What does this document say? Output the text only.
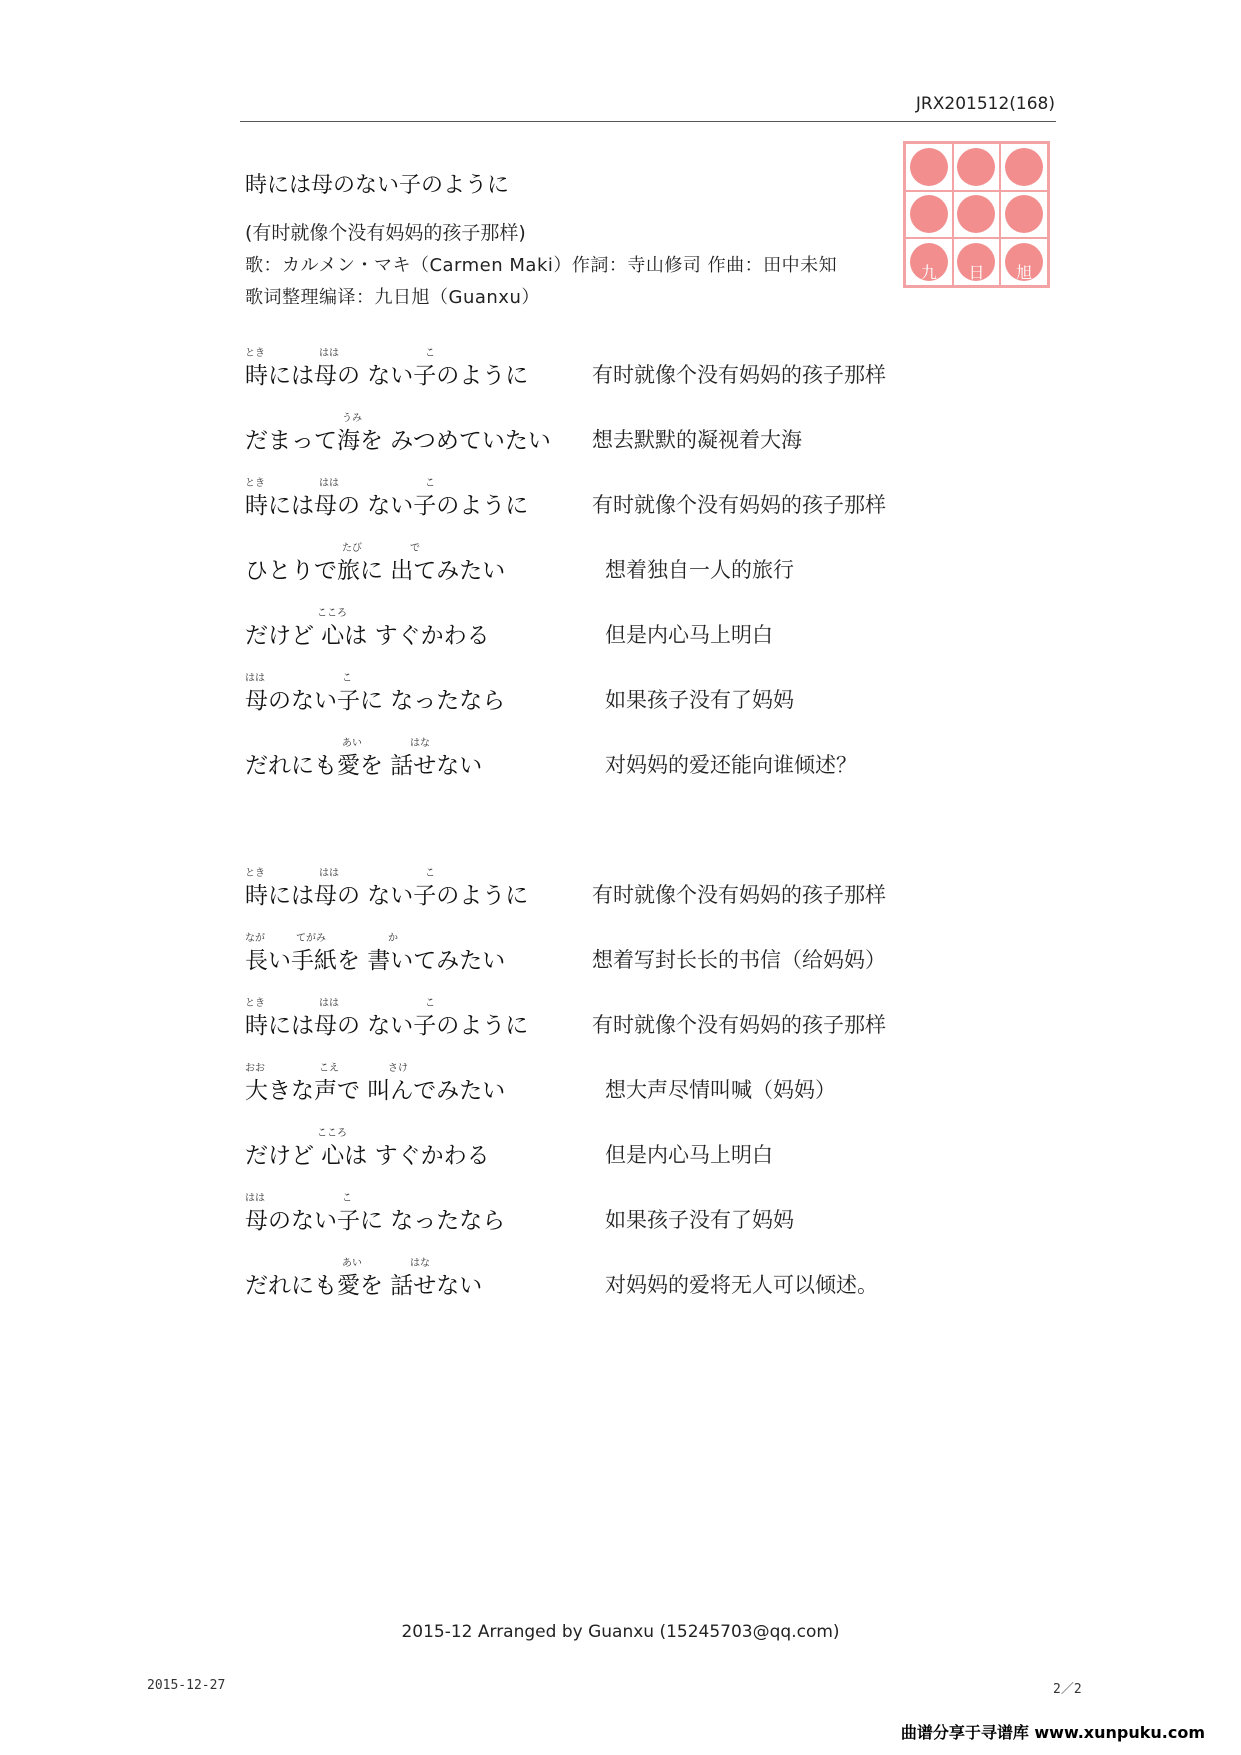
JRX201512(168)
九	日	旭
時には母のない子のように
(有时就像个没有妈妈的孩子那样)
歌：カルメン・マキ（Carmen Maki）作詞：寺山修司 作曲：田中未知
歌词整理编译：九日旭（Guanxu）
時には母の ない子のように	有时就像个没有妈妈的孩子那样
とき	はは	こ
だまって海を みつめていたい 想去默默的凝视着大海
うみ
時には母の ない子のように	有时就像个没有妈妈的孩子那样
とき	はは	こ
ひとりで旅に 出てみたい	想着独自一人的旅行
たび	で
だけど 心は すぐかわる	但是内心马上明白
こころ
母のない子に なったなら	如果孩子没有了妈妈
はは	こ
だれにも愛を 話せない	对妈妈的爱还能向谁倾述？
あい	はな
時には母の ない子のように	有时就像个没有妈妈的孩子那样
とき	はは	こ
長い手紙を 書いてみたい	想着写封长长的书信（给妈妈）
なが	てがみ	か
時には母の ない子のように	有时就像个没有妈妈的孩子那样
とき	はは	こ
大きな声で 叫んでみたい	想大声尽情叫喊（妈妈）
おお	こえ	さけ
だけど 心は すぐかわる	但是内心马上明白
こころ
母のない子に なったなら	如果孩子没有了妈妈
はは	こ
だれにも愛を 話せない	对妈妈的爱将无人可以倾述。
あい	はな
2015-12 Arranged by Guanxu (15245703@qq.com)
2015-12-27	2／2
曲谱分享于寻谱库 www.xunpuku.com
